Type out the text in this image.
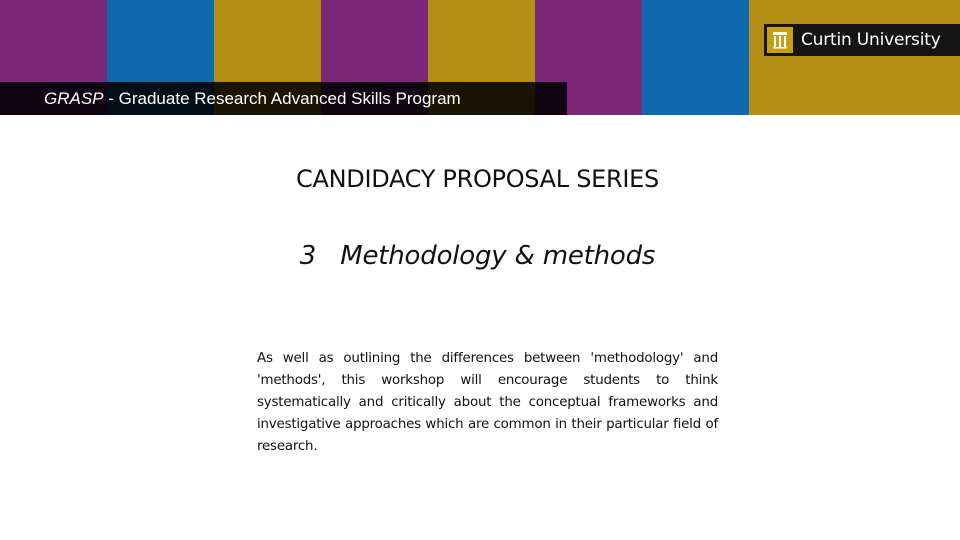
GRASP - Graduate Research Advanced Skills Program
Curtin University
CANDIDACY PROPOSAL SERIES
3   Methodology & methods
As well as outlining the differences between 'methodology' and 'methods', this workshop will encourage students to think systematically and critically about the conceptual frameworks and investigative approaches which are common in their particular field of research.
